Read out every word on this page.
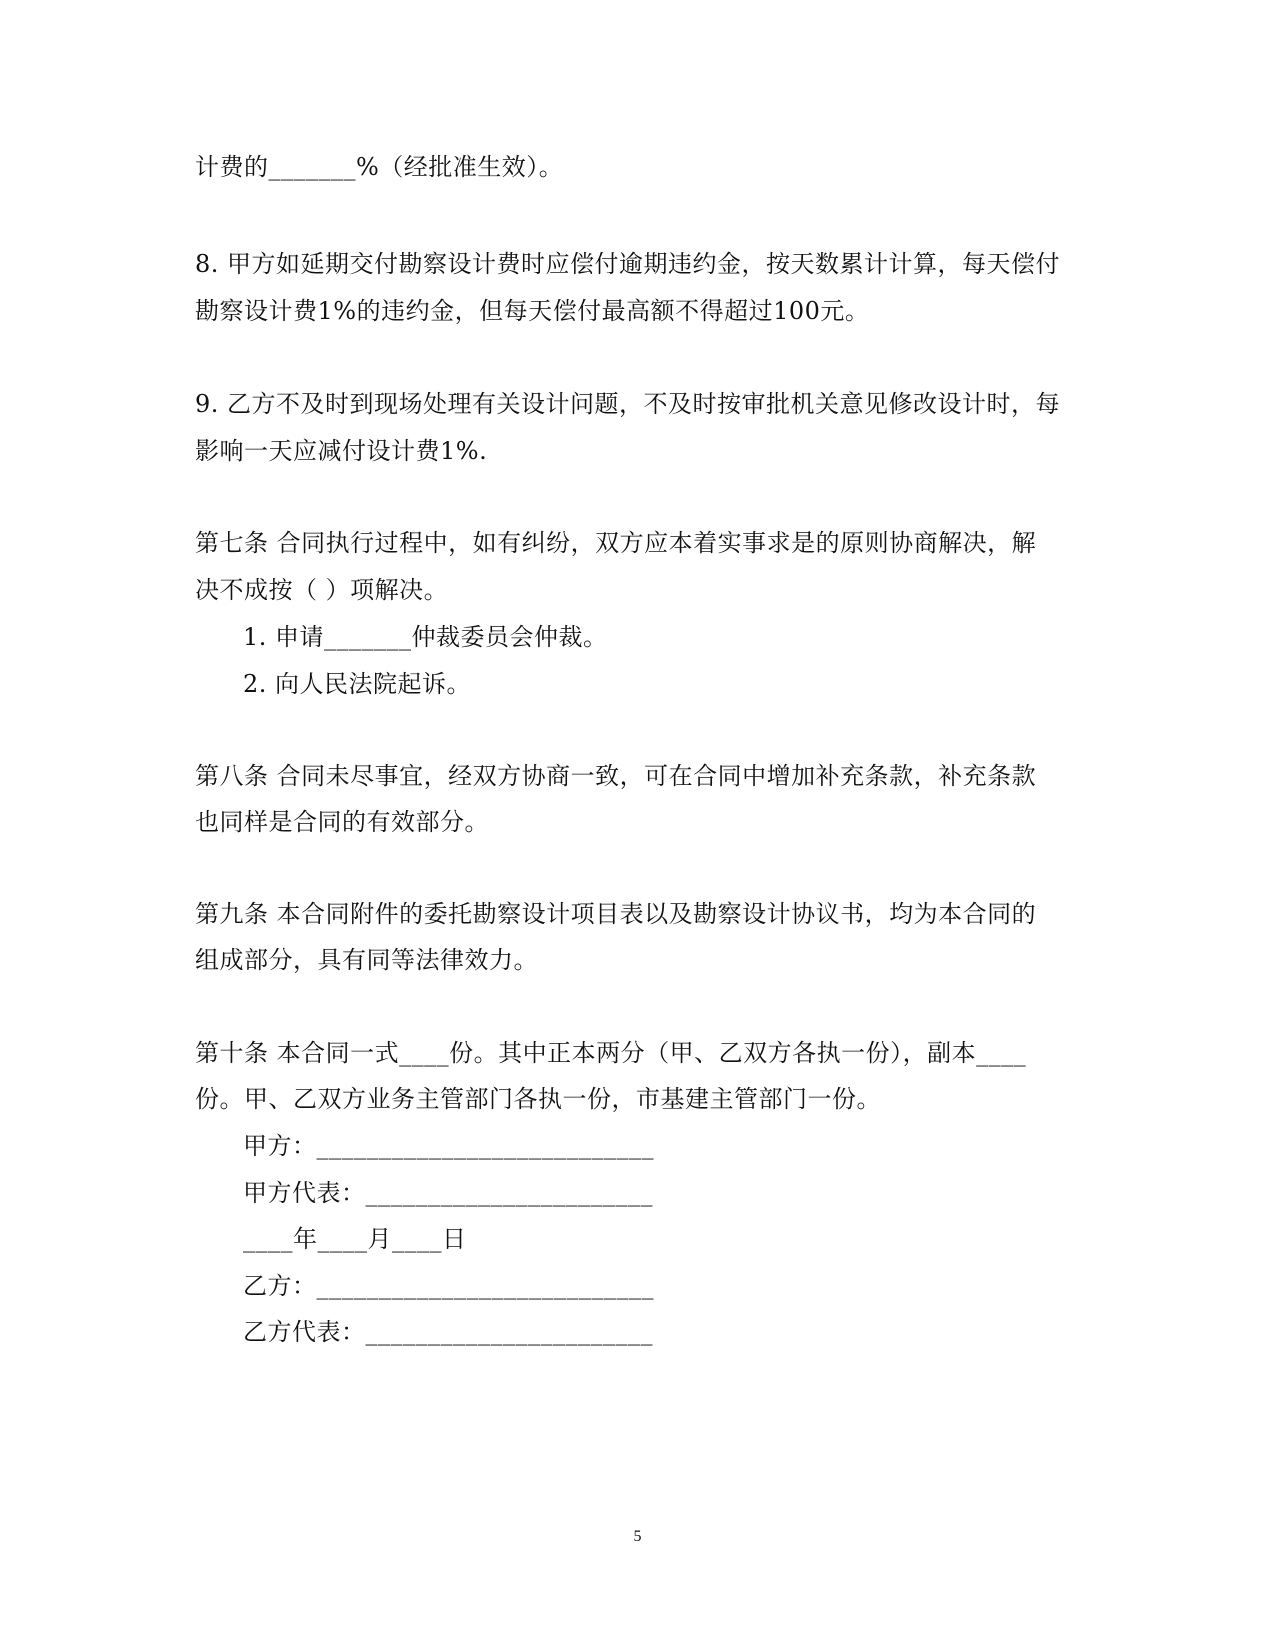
计费的_______%（经批准生效）。
8. 甲方如延期交付勘察设计费时应偿付逾期违约金，按天数累计计算，每天偿付
勘察设计费1%的违约金，但每天偿付最高额不得超过100元。
9. 乙方不及时到现场处理有关设计问题，不及时按审批机关意见修改设计时，每
影响一天应减付设计费1%.
第七条 合同执行过程中，如有纠纷，双方应本着实事求是的原则协商解决，解
决不成按（ ）项解决。
1. 申请_______仲裁委员会仲裁。
2. 向人民法院起诉。
第八条 合同未尽事宜，经双方协商一致，可在合同中增加补充条款，补充条款
也同样是合同的有效部分。
第九条 本合同附件的委托勘察设计项目表以及勘察设计协议书，均为本合同的
组成部分，具有同等法律效力。
第十条 本合同一式____份。其中正本两分（甲、乙双方各执一份），副本____
份。甲、乙双方业务主管部门各执一份，市基建主管部门一份。
甲方：___________________________
甲方代表：_______________________
____年____月____日
乙方：___________________________
乙方代表：_______________________
5
